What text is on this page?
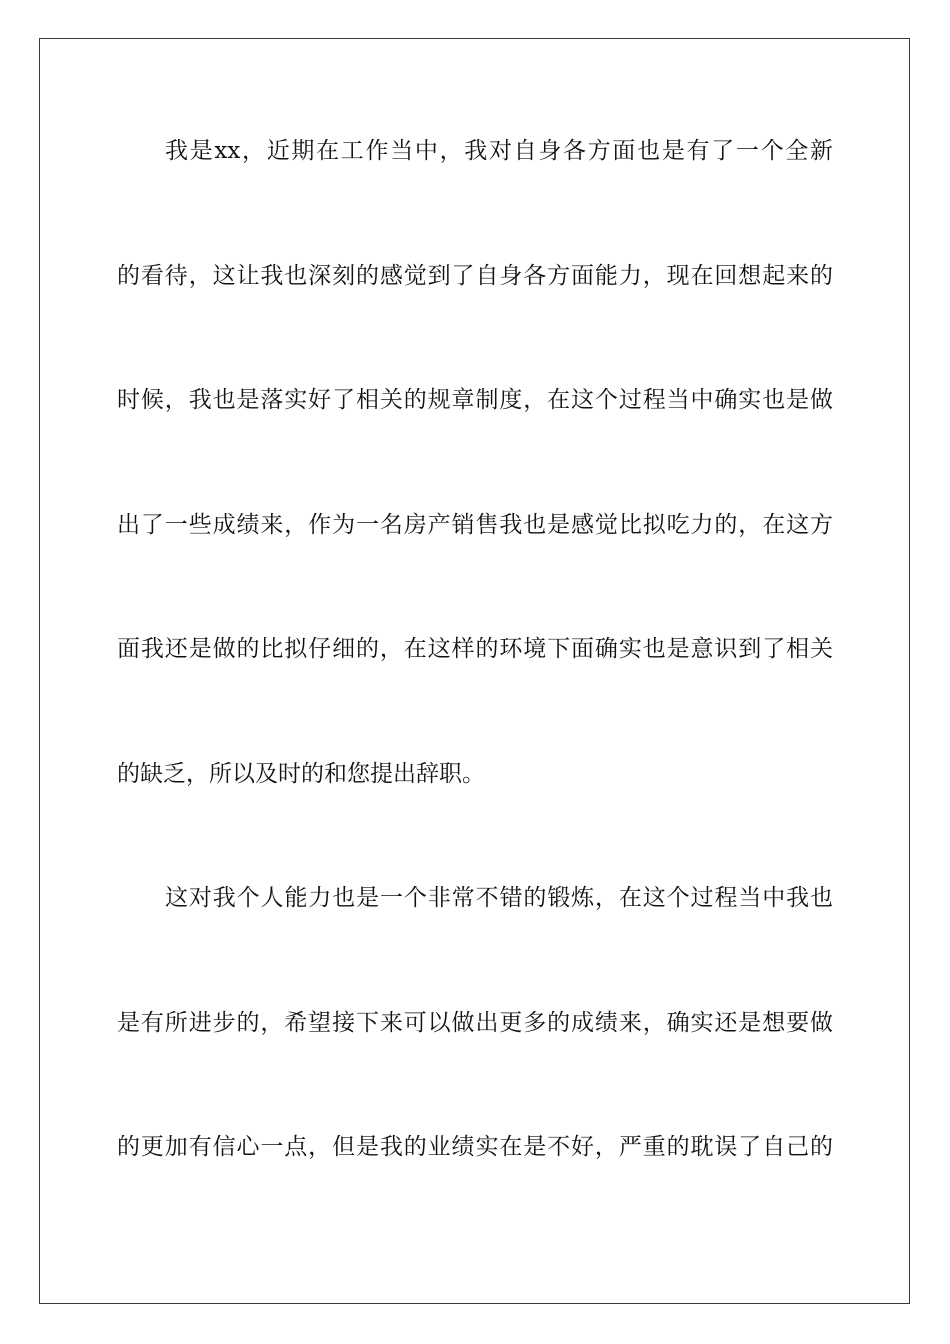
我是xx，近期在工作当中，我对自身各方面也是有了一个全新

的看待，这让我也深刻的感觉到了自身各方面能力，现在回想起来的

时候，我也是落实好了相关的规章制度，在这个过程当中确实也是做

出了一些成绩来，作为一名房产销售我也是感觉比拟吃力的，在这方

面我还是做的比拟仔细的，在这样的环境下面确实也是意识到了相关

的缺乏，所以及时的和您提出辞职。

这对我个人能力也是一个非常不错的锻炼，在这个过程当中我也

是有所进步的，希望接下来可以做出更多的成绩来，确实还是想要做

的更加有信心一点，但是我的业绩实在是不好，严重的耽误了自己的
